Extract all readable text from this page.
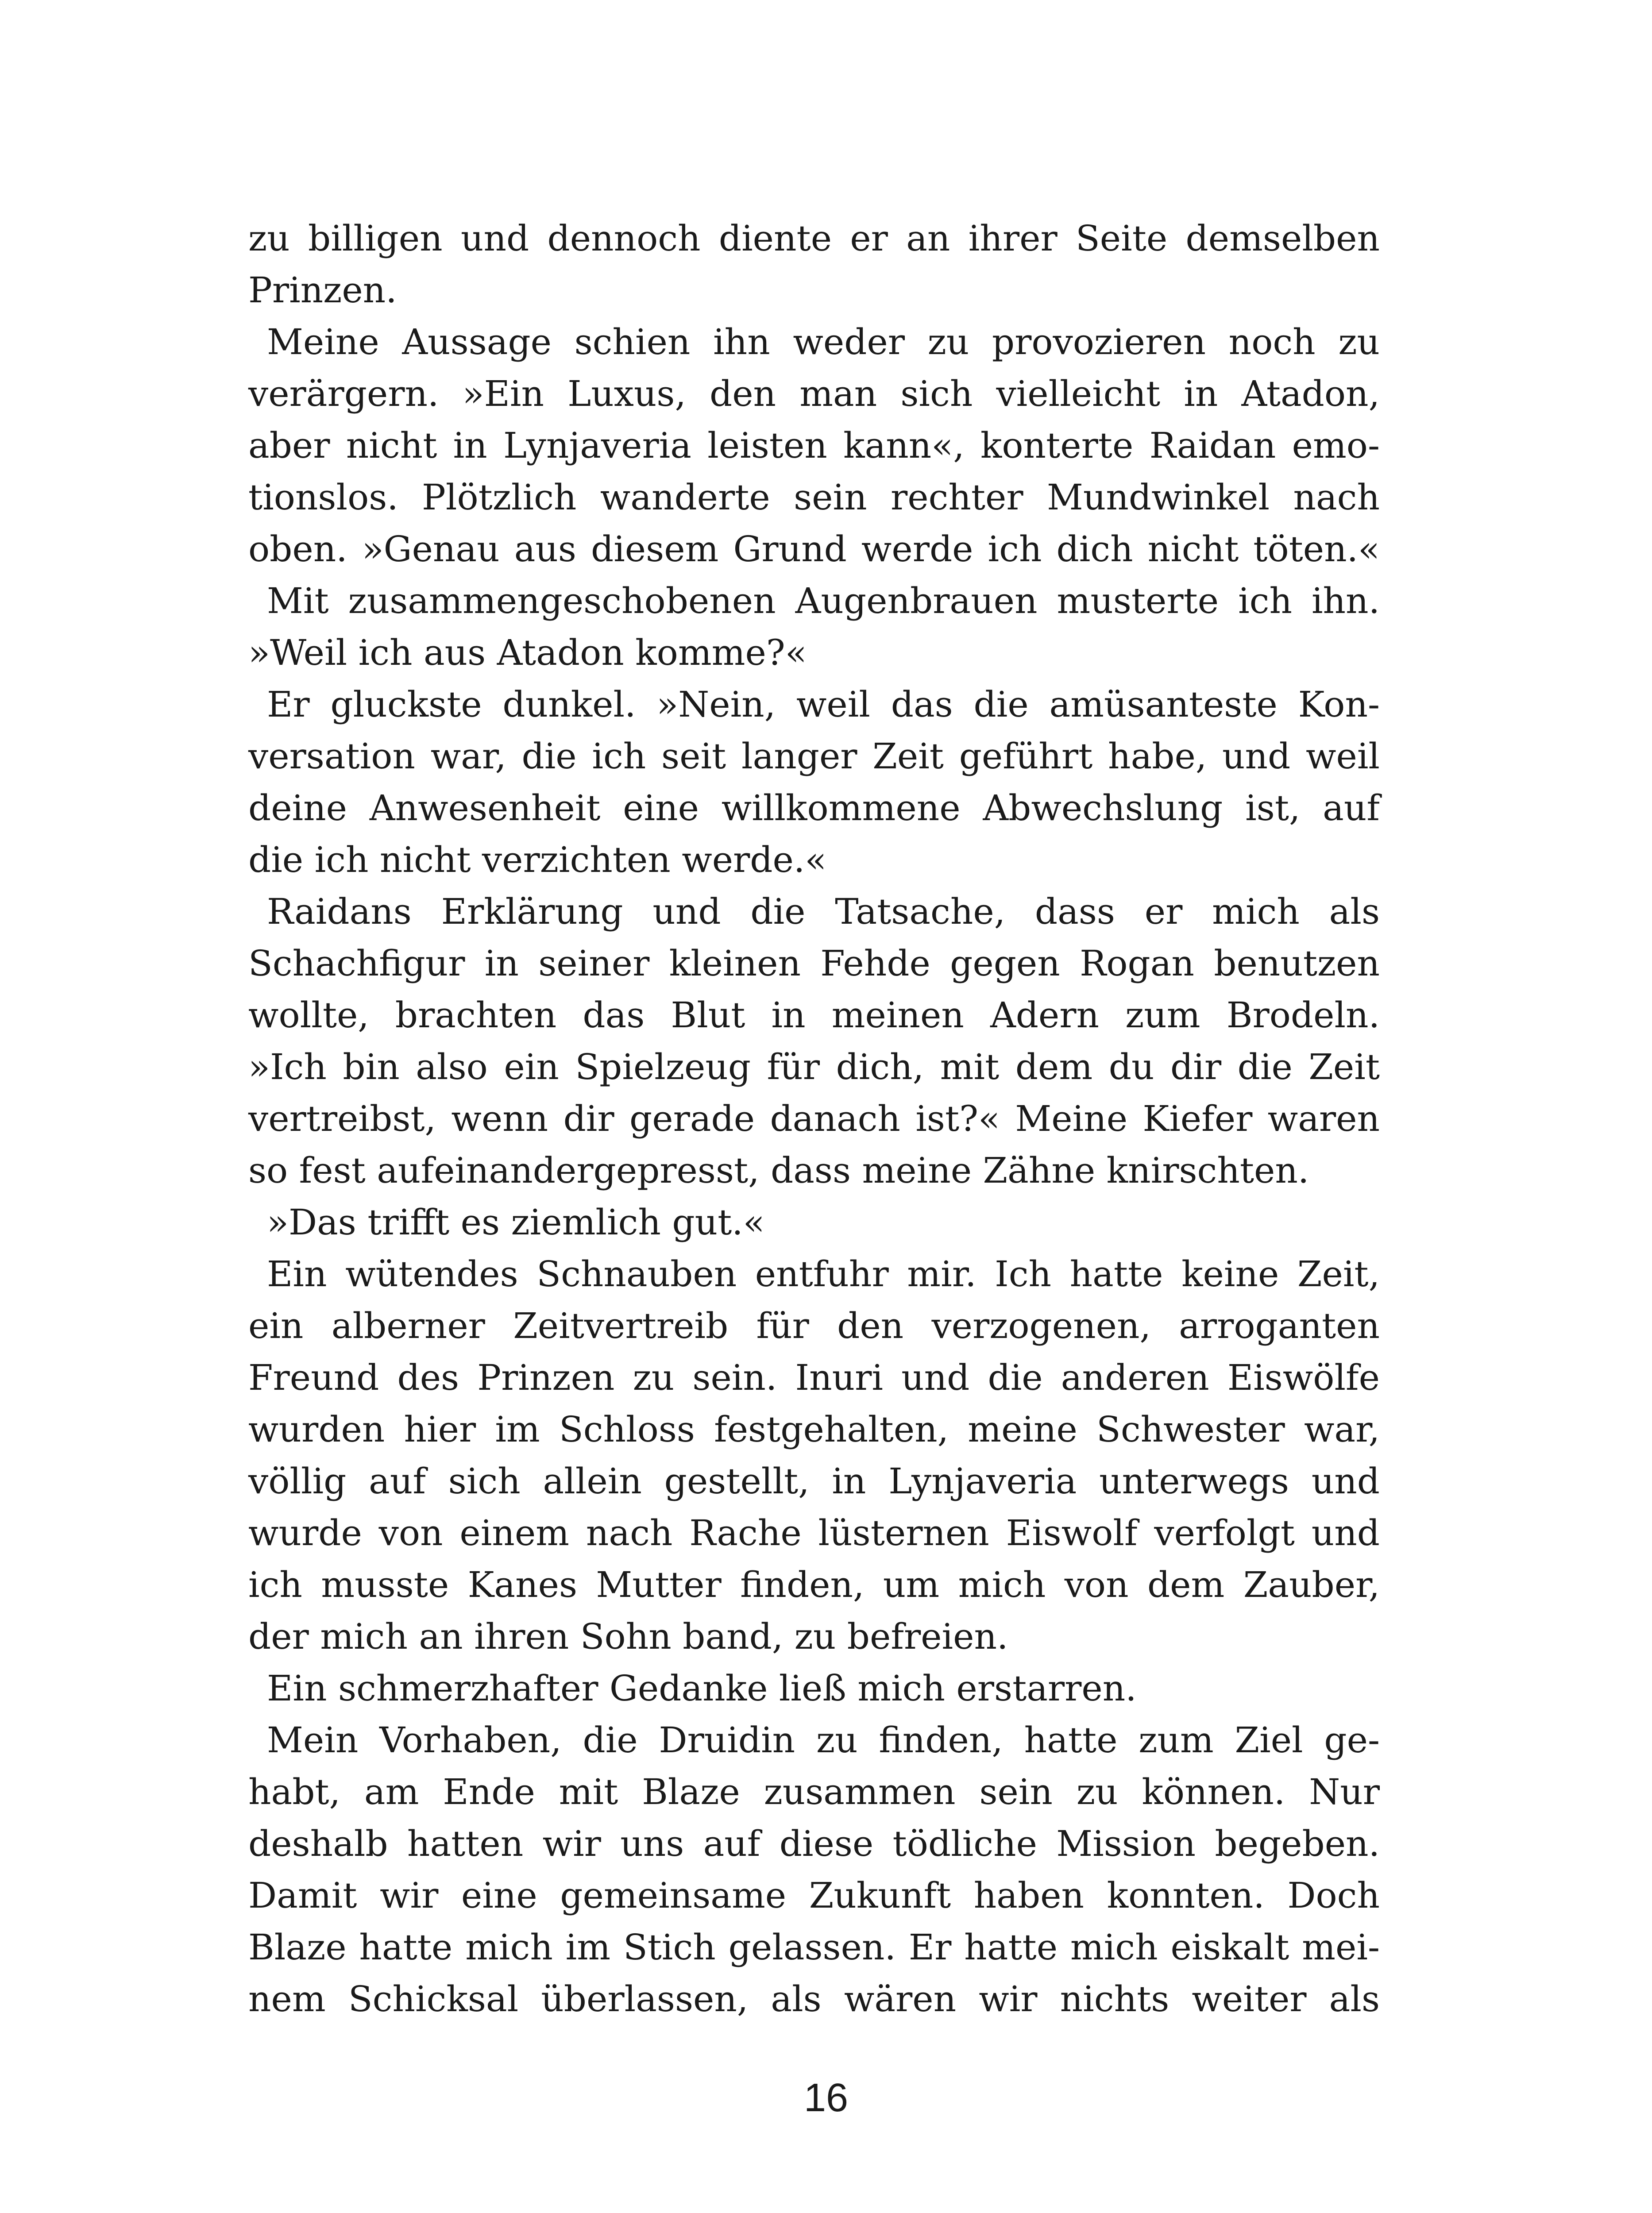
zu billigen und dennoch diente er an ihrer Seite demselben
Prinzen.
Meine Aussage schien ihn weder zu provozieren noch zu
verärgern. »Ein Luxus, den man sich vielleicht in Atadon,
aber nicht in Lynjaveria leisten kann«, konterte Raidan emo-
tionslos. Plötzlich wanderte sein rechter Mundwinkel nach
oben. »Genau aus diesem Grund werde ich dich nicht töten.«
Mit zusammengeschobenen Augenbrauen musterte ich ihn.
»Weil ich aus Atadon komme?«
Er gluckste dunkel. »Nein, weil das die amüsanteste Kon-
versation war, die ich seit langer Zeit geführt habe, und weil
deine Anwesenheit eine willkommene Abwechslung ist, auf
die ich nicht verzichten werde.«
Raidans Erklärung und die Tatsache, dass er mich als
Schachfigur in seiner kleinen Fehde gegen Rogan benutzen
wollte, brachten das Blut in meinen Adern zum Brodeln.
»Ich bin also ein Spielzeug für dich, mit dem du dir die Zeit
vertreibst, wenn dir gerade danach ist?« Meine Kiefer waren
so fest aufeinandergepresst, dass meine Zähne knirschten.
»Das trifft es ziemlich gut.«
Ein wütendes Schnauben entfuhr mir. Ich hatte keine Zeit,
ein alberner Zeitvertreib für den verzogenen, arroganten
Freund des Prinzen zu sein. Inuri und die anderen Eiswölfe
wurden hier im Schloss festgehalten, meine Schwester war,
völlig auf sich allein gestellt, in Lynjaveria unterwegs und
wurde von einem nach Rache lüsternen Eiswolf verfolgt und
ich musste Kanes Mutter finden, um mich von dem Zauber,
der mich an ihren Sohn band, zu befreien.
Ein schmerzhafter Gedanke ließ mich erstarren.
Mein Vorhaben, die Druidin zu finden, hatte zum Ziel ge-
habt, am Ende mit Blaze zusammen sein zu können. Nur
deshalb hatten wir uns auf diese tödliche Mission begeben.
Damit wir eine gemeinsame Zukunft haben konnten. Doch
Blaze hatte mich im Stich gelassen. Er hatte mich eiskalt mei-
nem Schicksal überlassen, als wären wir nichts weiter als
16
